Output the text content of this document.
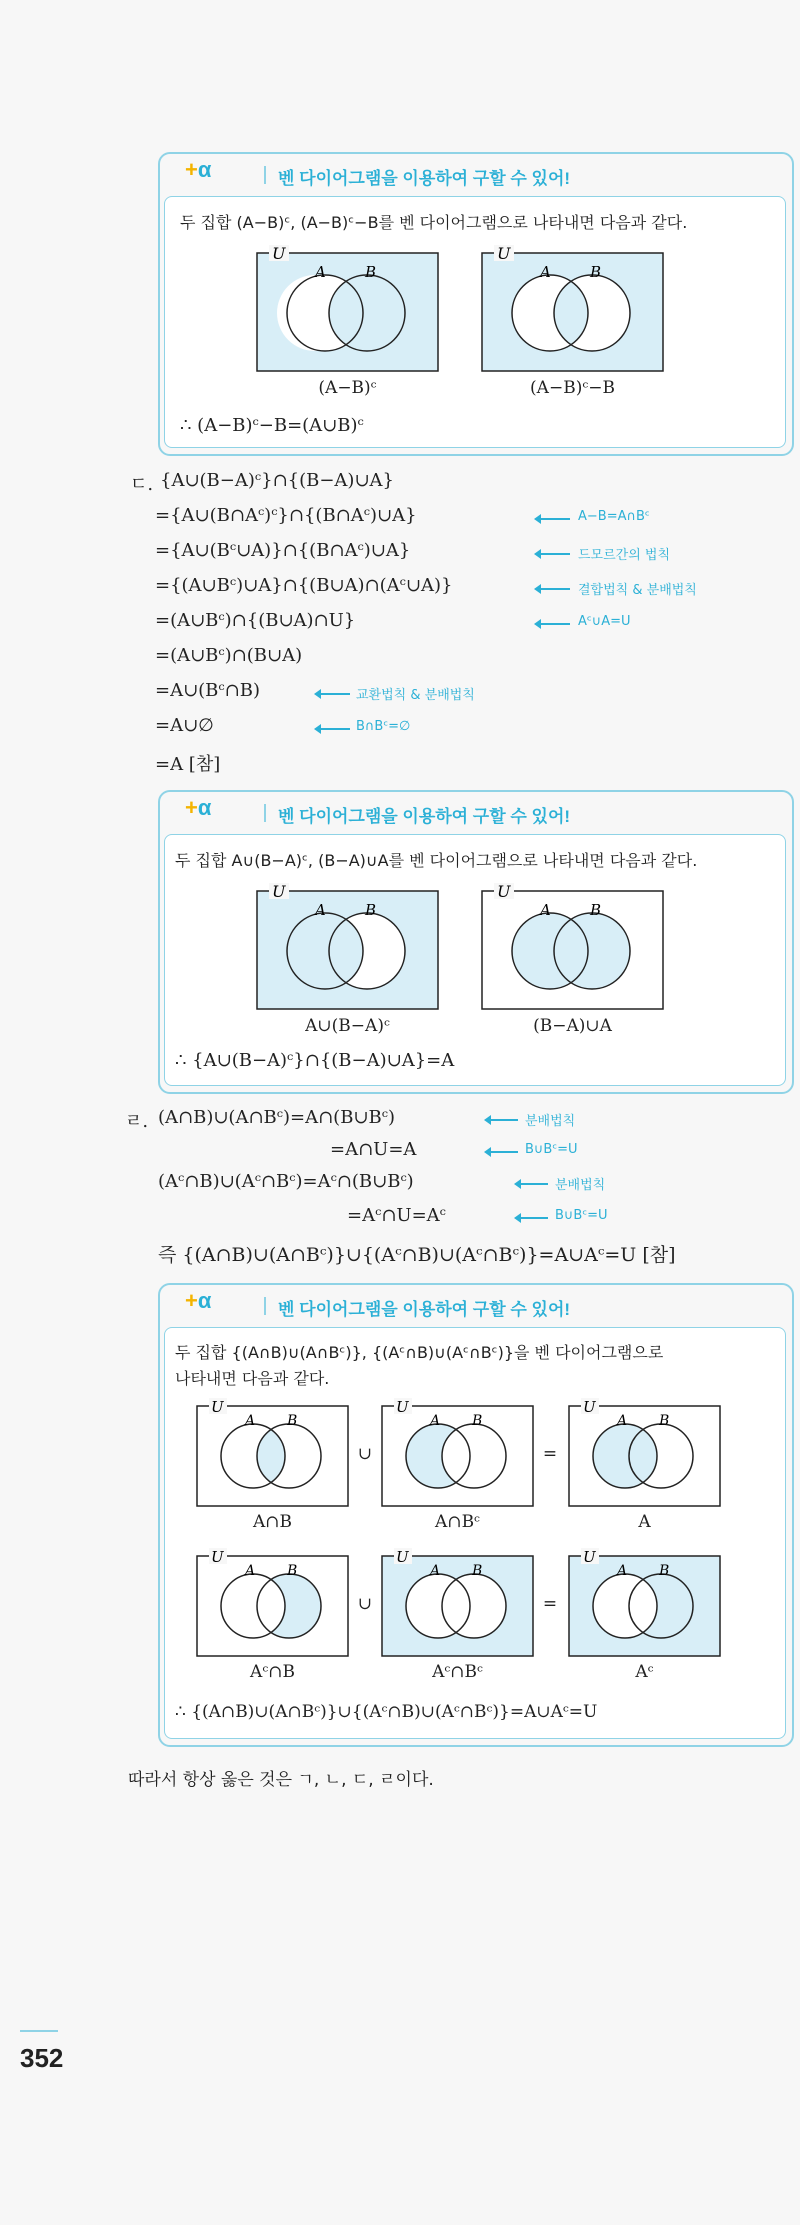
+α	벤 다이어그램을 이용하여 구할 수 있어!
두 집합 (A−B)ᶜ, (A−B)ᶜ−B를 벤 다이어그램으로 나타내면 다음과 같다.
U
A	B
U
A	B
(A−B)ᶜ	(A−B)ᶜ−B
∴ (A−B)ᶜ−B=(A∪B)ᶜ
ㄷ. {A∪(B−A)ᶜ}∩{(B−A)∪A}
={A∪(B∩Aᶜ)ᶜ}∩{(B∩Aᶜ)∪A}
={A∪(Bᶜ∪A)}∩{(B∩Aᶜ)∪A}
={(A∪Bᶜ)∪A}∩{(B∪A)∩(Aᶜ∪A)}
=(A∪Bᶜ)∩{(B∪A)∩U}
=(A∪Bᶜ)∩(B∪A)
=A∪(Bᶜ∩B)
=A∪∅
=A [참]
A−B=A∩Bᶜ
드모르간의 법칙
결합법칙 & 분배법칙
Aᶜ∪A=U
교환법칙 & 분배법칙
B∩Bᶜ=∅
+α	벤 다이어그램을 이용하여 구할 수 있어!
두 집합 A∪(B−A)ᶜ, (B−A)∪A를 벤 다이어그램으로 나타내면 다음과 같다.
U
A	B
U
A	B
A∪(B−A)ᶜ	(B−A)∪A
∴ {A∪(B−A)ᶜ}∩{(B−A)∪A}=A
ㄹ. (A∩B)∪(A∩Bᶜ)=A∩(B∪Bᶜ)
=A∩U=A
(Aᶜ∩B)∪(Aᶜ∩Bᶜ)=Aᶜ∩(B∪Bᶜ)
=Aᶜ∩U=Aᶜ
즉 {(A∩B)∪(A∩Bᶜ)}∪{(Aᶜ∩B)∪(Aᶜ∩Bᶜ)}=A∪Aᶜ=U [참]
분배법칙
B∪Bᶜ=U
분배법칙
B∪Bᶜ=U
+α	벤 다이어그램을 이용하여 구할 수 있어!
두 집합 {(A∩B)∪(A∩Bᶜ)}, {(Aᶜ∩B)∪(Aᶜ∩Bᶜ)}을 벤 다이어그램으로
나타내면 다음과 같다.
U
A B
∪
U
A B
=
U
A B
A∩B	A∩Bᶜ	A
U
A B
∪
U
A B
=
U
A B
Aᶜ∩B	Aᶜ∩Bᶜ	Aᶜ
∴ {(A∩B)∪(A∩Bᶜ)}∪{(Aᶜ∩B)∪(Aᶜ∩Bᶜ)}=A∪Aᶜ=U
따라서 항상 옳은 것은 ㄱ, ㄴ, ㄷ, ㄹ이다.
352
